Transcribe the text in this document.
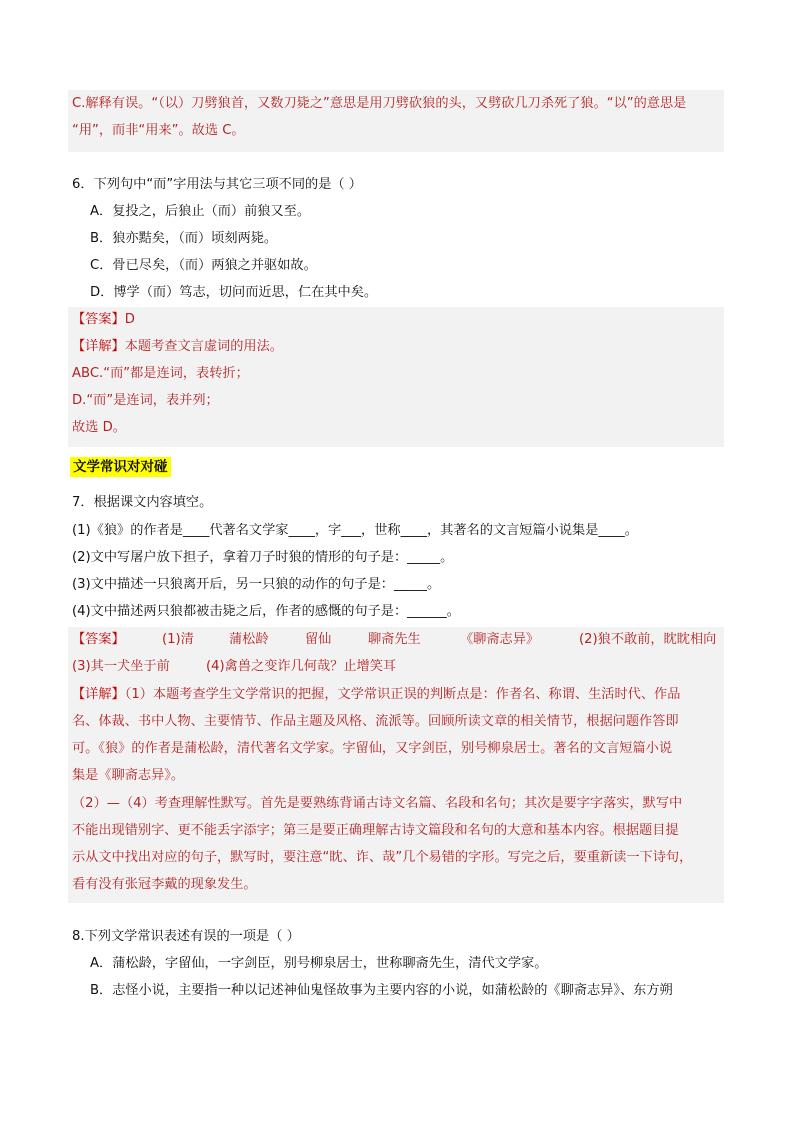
C.解释有误。“（以）刀劈狼首，又数刀毙之”意思是用刀劈砍狼的头，又劈砍几刀杀死了狼。“以”的意思是
“用”，而非“用来”。故选 C。
6．下列句中“而”字用法与其它三项不同的是（ ）
A．复投之，后狼止（而）前狼又至。
B．狼亦黠矣，（而）顷刻两毙。
C．骨已尽矣，（而）两狼之并驱如故。
D．博学（而）笃志，切问而近思，仁在其中矣。
【答案】D
【详解】本题考查文言虚词的用法。
ABC.“而”都是连词，表转折；
D.“而”是连词，表并列；
故选 D。
文学常识对对碰
7．根据课文内容填空。
(1)《狼》的作者是____代著名文学家____，字___，世称____，其著名的文言短篇小说集是____。
(2)文中写屠户放下担子，拿着刀子时狼的情形的句子是：_____。
(3)文中描述一只狼离开后，另一只狼的动作的句子是：_____。
(4)文中描述两只狼都被击毙之后，作者的感慨的句子是：______。
【答案】	(1)清	蒲松龄	留仙	聊斋先生	《聊斋志异》	(2)狼不敢前，眈眈相向
(3)其一犬坐于前	(4)禽兽之变诈几何哉？止增笑耳
【详解】（1）本题考查学生文学常识的把握，文学常识正误的判断点是：作者名、称谓、生活时代、作品
名、体裁、书中人物、主要情节、作品主题及风格、流派等。回顾所读文章的相关情节，根据问题作答即
可。《狼》的作者是蒲松龄，清代著名文学家。字留仙，又字剑臣，别号柳泉居士。著名的文言短篇小说
集是《聊斋志异》。
（2）—（4）考查理解性默写。首先是要熟练背诵古诗文名篇、名段和名句；其次是要字字落实，默写中
不能出现错别字、更不能丢字添字；第三是要正确理解古诗文篇段和名句的大意和基本内容。根据题目提
示从文中找出对应的句子，默写时，要注意“眈、诈、哉”几个易错的字形。写完之后，要重新读一下诗句，
看有没有张冠李戴的现象发生。
8.下列文学常识表述有误的一项是（ ）
A．蒲松龄，字留仙，一字剑臣，别号柳泉居士，世称聊斋先生，清代文学家。
B．志怪小说，主要指一种以记述神仙鬼怪故事为主要内容的小说，如蒲松龄的《聊斋志异》、东方朔
